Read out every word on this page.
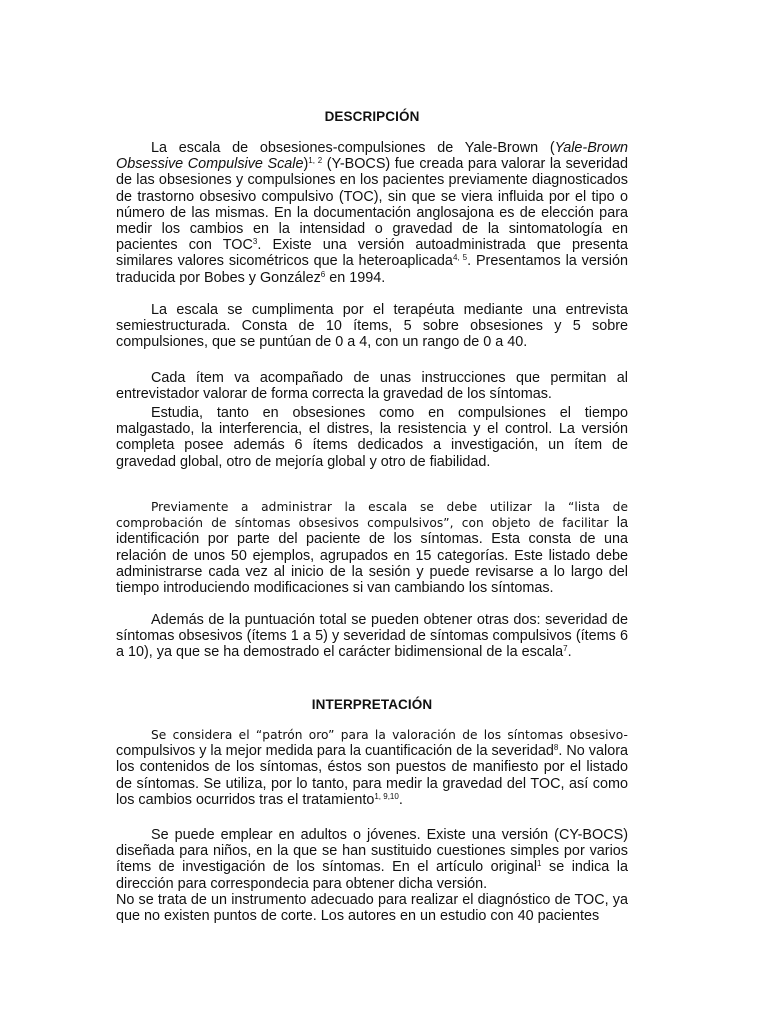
DESCRIPCIÓN

La escala de obsesiones-compulsiones de Yale-Brown (Yale-Brown Obsessive Compulsive Scale)$^{1, 2}$ (Y-BOCS) fue creada para valorar la severidad de las obsesiones y compulsiones en los pacientes previamente diagnosticados de trastorno obsesivo compulsivo (TOC), sin que se viera influida por el tipo o número de las mismas. En la documentación anglosajona es de elección para medir los cambios en la intensidad o gravedad de la sintomatología en pacientes con TOC$^3$. Existe una versión autoadministrada que presenta similares valores sicométricos que la heteroaplicada$^{4, 5}$. Presentamos la versión traducida por Bobes y González$^6$ en 1994.

La escala se cumplimenta por el terapéuta mediante una entrevista semiestructurada. Consta de 10 ítems, 5 sobre obsesiones y 5 sobre compulsiones, que se puntúan de 0 a 4, con un rango de 0 a 40.

Cada ítem va acompañado de unas instrucciones que permitan al entrevistador valorar de forma correcta la gravedad de los síntomas.

Estudia, tanto en obsesiones como en compulsiones el tiempo malgastado, la interferencia, el distres, la resistencia y el control. La versión completa posee además 6 ítems dedicados a investigación, un ítem de gravedad global, otro de mejoría global y otro de fiabilidad.

Previamente a administrar la escala se debe utilizar la “lista de comprobación de síntomas obsesivos compulsivos”, con objeto de facilitar la identificación por parte del paciente de los síntomas. Esta consta de una relación de unos 50 ejemplos, agrupados en 15 categorías. Este listado debe administrarse cada vez al inicio de la sesión y puede revisarse a lo largo del tiempo introduciendo modificaciones si van cambiando los síntomas.

Además de la puntuación total se pueden obtener otras dos: severidad de síntomas obsesivos (ítems 1 a 5) y severidad de síntomas compulsivos (ítems 6 a 10), ya que se ha demostrado el carácter bidimensional de la escala$^7$.

INTERPRETACIÓN

Se considera el “patrón oro” para la valoración de los síntomas obsesivo-compulsivos y la mejor medida para la cuantificación de la severidad$^8$. No valora los contenidos de los síntomas, éstos son puestos de manifiesto por el listado de síntomas. Se utiliza, por lo tanto, para medir la gravedad del TOC, así como los cambios ocurridos tras el tratamiento$^{1, 9,10}$.

Se puede emplear en adultos o jóvenes. Existe una versión (CY-BOCS) diseñada para niños, en la que se han sustituido cuestiones simples por varios ítems de investigación de los síntomas. En el artículo original$^1$ se indica la dirección para correspondecia para obtener dicha versión.

No se trata de un instrumento adecuado para realizar el diagnóstico de TOC, ya que no existen puntos de corte. Los autores en un estudio con 40 pacientes
